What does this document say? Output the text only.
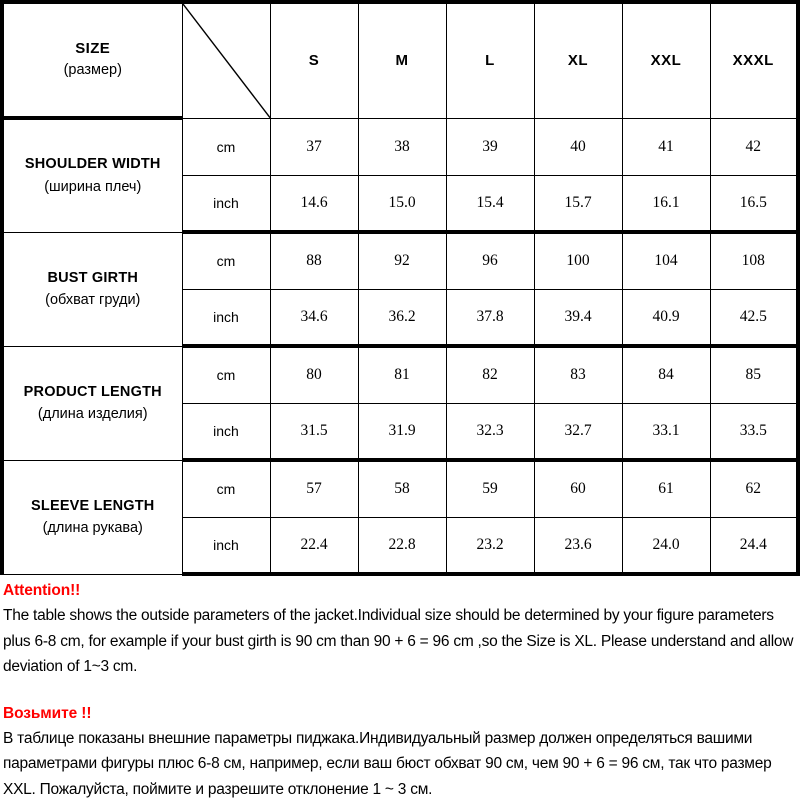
SIZE
(размер)		S	M	L	XL	XXL	XXXL

SHOULDER WIDTH
(ширина плеч)	cm	37	38	39	40	41	42
	inch	14.6	15.0	15.4	15.7	16.1	16.5

BUST GIRTH
(обхват груди)	cm	88	92	96	100	104	108
	inch	34.6	36.2	37.8	39.4	40.9	42.5

PRODUCT LENGTH
(длина изделия)	cm	80	81	82	83	84	85
	inch	31.5	31.9	32.3	32.7	33.1	33.5

SLEEVE LENGTH
(длина рукава)	cm	57	58	59	60	61	62
	inch	22.4	22.8	23.2	23.6	24.0	24.4

Attention!!

The table shows the outside parameters of the jacket.Individual size should be determined by your figure parameters plus 6-8 cm, for example if your bust girth is 90 cm than 90 + 6 = 96 cm ,so the Size is XL. Please understand and allow deviation of 1~3 cm.

Возьмите !!

В таблице показаны внешние параметры пиджака.Индивидуальный размер должен определяться вашими параметрами фигуры плюс 6-8 см, например, если ваш бюст обхват 90 см, чем 90 + 6 = 96 см, так что размер XXL. Пожалуйста, поймите и разрешите отклонение 1 ~ 3 см.
